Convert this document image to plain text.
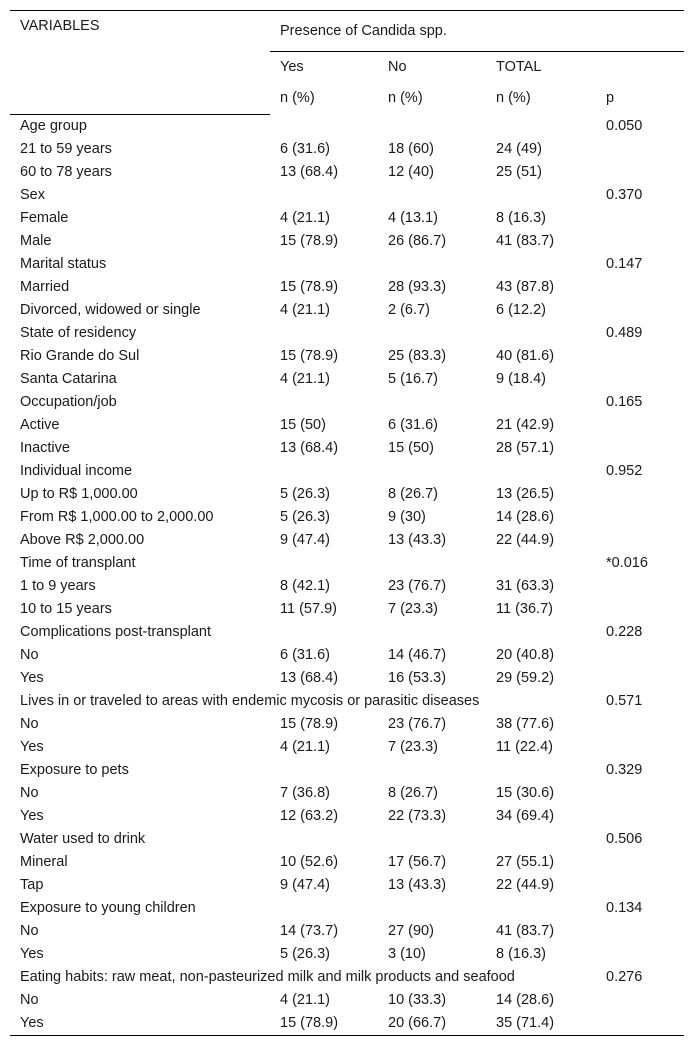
VARIABLES	Presence of Candida spp.			
	Yes	No	TOTAL	
	n (%)	n (%)	n (%)	p
Age group				0.050
21 to 59 years	6 (31.6)	18 (60)	24 (49)	
60 to 78 years	13 (68.4)	12 (40)	25 (51)	
Sex				0.370
Female	4 (21.1)	4 (13.1)	8 (16.3)	
Male	15 (78.9)	26 (86.7)	41 (83.7)	
Marital status				0.147
Married	15 (78.9)	28 (93.3)	43 (87.8)	
Divorced, widowed or single	4 (21.1)	2 (6.7)	6 (12.2)	
State of residency				0.489
Rio Grande do Sul	15 (78.9)	25 (83.3)	40 (81.6)	
Santa Catarina	4 (21.1)	5 (16.7)	9 (18.4)	
Occupation/job				0.165
Active	15 (50)	6 (31.6)	21 (42.9)	
Inactive	13 (68.4)	15 (50)	28 (57.1)	
Individual income				0.952
Up to R$ 1,000.00	5 (26.3)	8 (26.7)	13 (26.5)	
From R$ 1,000.00 to 2,000.00	5 (26.3)	9 (30)	14 (28.6)	
Above R$ 2,000.00	9 (47.4)	13 (43.3)	22 (44.9)	
Time of transplant				*0.016
1 to 9 years	8 (42.1)	23 (76.7)	31 (63.3)	
10 to 15 years	11 (57.9)	7 (23.3)	11 (36.7)	
Complications post-transplant				0.228
No	6 (31.6)	14 (46.7)	20 (40.8)	
Yes	13 (68.4)	16 (53.3)	29 (59.2)	
Lives in or traveled to areas with endemic mycosis or parasitic diseases				0.571
No	15 (78.9)	23 (76.7)	38 (77.6)	
Yes	4 (21.1)	7 (23.3)	11 (22.4)	
Exposure to pets				0.329
No	7 (36.8)	8 (26.7)	15 (30.6)	
Yes	12 (63.2)	22 (73.3)	34 (69.4)	
Water used to drink				0.506
Mineral	10 (52.6)	17 (56.7)	27 (55.1)	
Tap	9 (47.4)	13 (43.3)	22 (44.9)	
Exposure to young children				0.134
No	14 (73.7)	27 (90)	41 (83.7)	
Yes	5 (26.3)	3 (10)	8 (16.3)	
Eating habits: raw meat, non-pasteurized milk and milk products and seafood				0.276
No	4 (21.1)	10 (33.3)	14 (28.6)	
Yes	15 (78.9)	20 (66.7)	35 (71.4)	
